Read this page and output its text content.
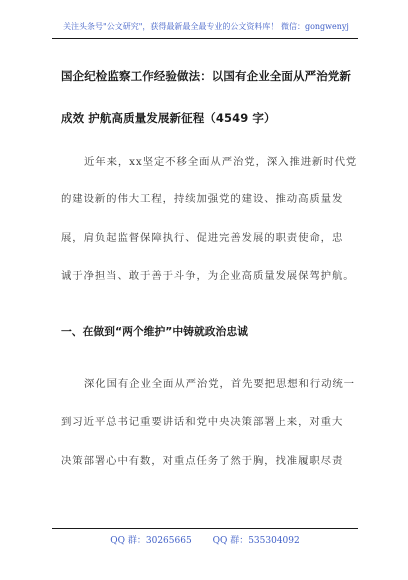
关注头条号"公文研究"，获得最新最全最专业的公文资料库！ 微信：gongwenyj
国企纪检监察工作经验做法：以国有企业全面从严治党新
成效 护航高质量发展新征程（4549 字）
近年来，xx坚定不移全面从严治党，深入推进新时代党
的建设新的伟大工程，持续加强党的建设、推动高质量发
展，肩负起监督保障执行、促进完善发展的职责使命，忠
诚于净担当、敢于善于斗争，为企业高质量发展保驾护航。
一、在做到“两个维护”中铸就政治忠诚
深化国有企业全面从严治党，首先要把思想和行动统一
到习近平总书记重要讲话和党中央决策部署上来，对重大
决策部署心中有数，对重点任务了然于胸，找准履职尽责
QQ 群：30265665 QQ 群：535304092
